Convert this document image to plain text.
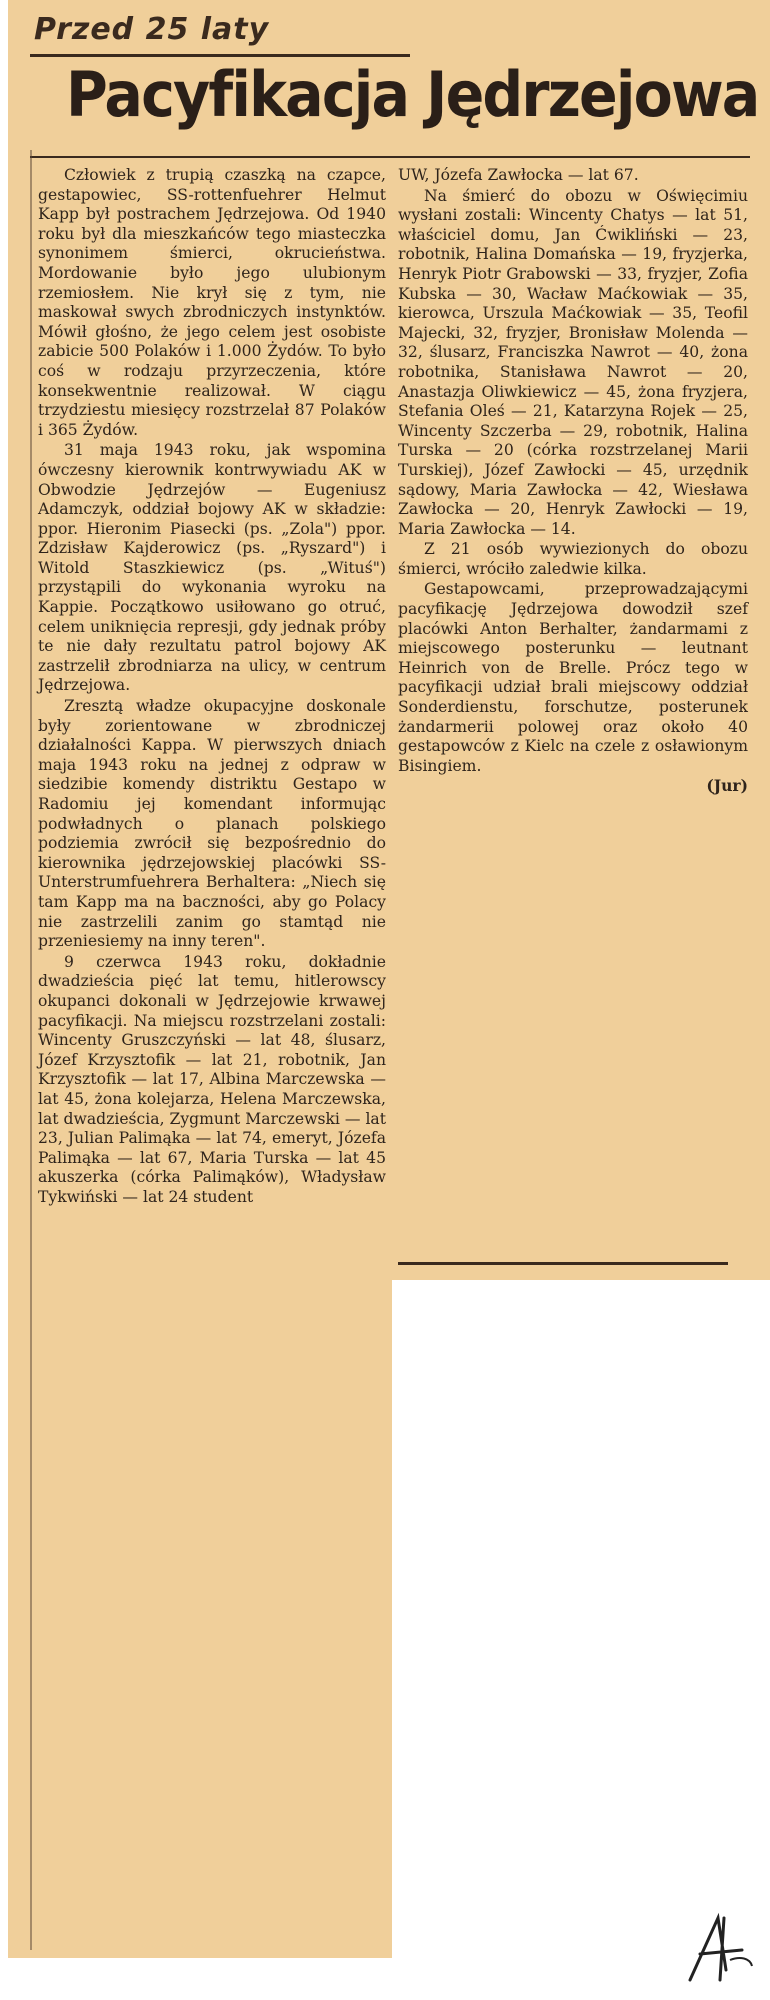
Przed 25 laty
Pacyfikacja Jędrzejowa

Człowiek z trupią czaszką na czapce, gestapowiec, SS-rottenfuehrer Helmut Kapp był postrachem Jędrzejowa. Od 1940 roku był dla mieszkańców tego miasteczka synonimem śmierci, okrucieństwa. Mordowanie było jego ulubionym rzemiosłem. Nie krył się z tym, nie maskował swych zbrodniczych instynktów. Mówił głośno, że jego celem jest osobiste zabicie 500 Polaków i 1.000 Żydów. To było coś w rodzaju przyrzeczenia, które konsekwentnie realizował. W ciągu trzydziestu miesięcy rozstrzelał 87 Polaków i 365 Żydów.

31 maja 1943 roku, jak wspomina ówczesny kierownik kontrwywiadu AK w Obwodzie Jędrzejów — Eugeniusz Adamczyk, oddział bojowy AK w składzie: ppor. Hieronim Piasecki (ps. „Zola") ppor. Zdzisław Kajderowicz (ps. „Ryszard") i Witold Staszkiewicz (ps. „Wituś") przystąpili do wykonania wyroku na Kappie. Początkowo usiłowano go otruć, celem uniknięcia represji, gdy jednak próby te nie dały rezultatu patrol bojowy AK zastrzelił zbrodniarza na ulicy, w centrum Jędrzejowa.

Zresztą władze okupacyjne doskonale były zorientowane w zbrodniczej działalności Kappa. W pierwszych dniach maja 1943 roku na jednej z odpraw w siedzibie komendy distriktu Gestapo w Radomiu jej komendant informując podwładnych o planach polskiego podziemia zwrócił się bezpośrednio do kierownika jędrzejowskiej placówki SS-Unterstrumfuehrera Berhaltera: „Niech się tam Kapp ma na baczności, aby go Polacy nie zastrzelili zanim go stamtąd nie przeniesiemy na inny teren".

9 czerwca 1943 roku, dokładnie dwadzieścia pięć lat temu, hitlerowscy okupanci dokonali w Jędrzejowie krwawej pacyfikacji. Na miejscu rozstrzelani zostali: Wincenty Gruszczyński — lat 48, ślusarz, Józef Krzysztofik — lat 21, robotnik, Jan Krzysztofik — lat 17, Albina Marczewska — lat 45, żona kolejarza, Helena Marczewska, lat dwadzieścia, Zygmunt Marczewski — lat 23, Julian Palimąka — lat 74, emeryt, Józefa Palimąka — lat 67, Maria Turska — lat 45 akuszerka (córka Palimąków), Władysław Tykwiński — lat 24 student

UW, Józefa Zawłocka — lat 67.

Na śmierć do obozu w Oświęcimiu wysłani zostali: Wincenty Chatys — lat 51, właściciel domu, Jan Ćwikliński — 23, robotnik, Halina Domańska — 19, fryzjerka, Henryk Piotr Grabowski — 33, fryzjer, Zofia Kubska — 30, Wacław Maćkowiak — 35, kierowca, Urszula Maćkowiak — 35, Teofil Majecki, 32, fryzjer, Bronisław Molenda — 32, ślusarz, Franciszka Nawrot — 40, żona robotnika, Stanisława Nawrot — 20, Anastazja Oliwkiewicz — 45, żona fryzjera, Stefania Oleś — 21, Katarzyna Rojek — 25, Wincenty Szczerba — 29, robotnik, Halina Turska — 20 (córka rozstrzelanej Marii Turskiej), Józef Zawłocki — 45, urzędnik sądowy, Maria Zawłocka — 42, Wiesława Zawłocka — 20, Henryk Zawłocki — 19, Maria Zawłocka — 14.

Z 21 osób wywiezionych do obozu śmierci, wróciło zaledwie kilka.

Gestapowcami, przeprowadzającymi pacyfikację Jędrzejowa dowodził szef placówki Anton Berhalter, żandarmami z miejscowego posterunku — leutnant Heinrich von de Brelle. Prócz tego w pacyfikacji udział brali miejscowy oddział Sonderdienstu, forschutze, posterunek żandarmerii polowej oraz około 40 gestapowców z Kielc na czele z osławionym Bisingiem.

(Jur)
